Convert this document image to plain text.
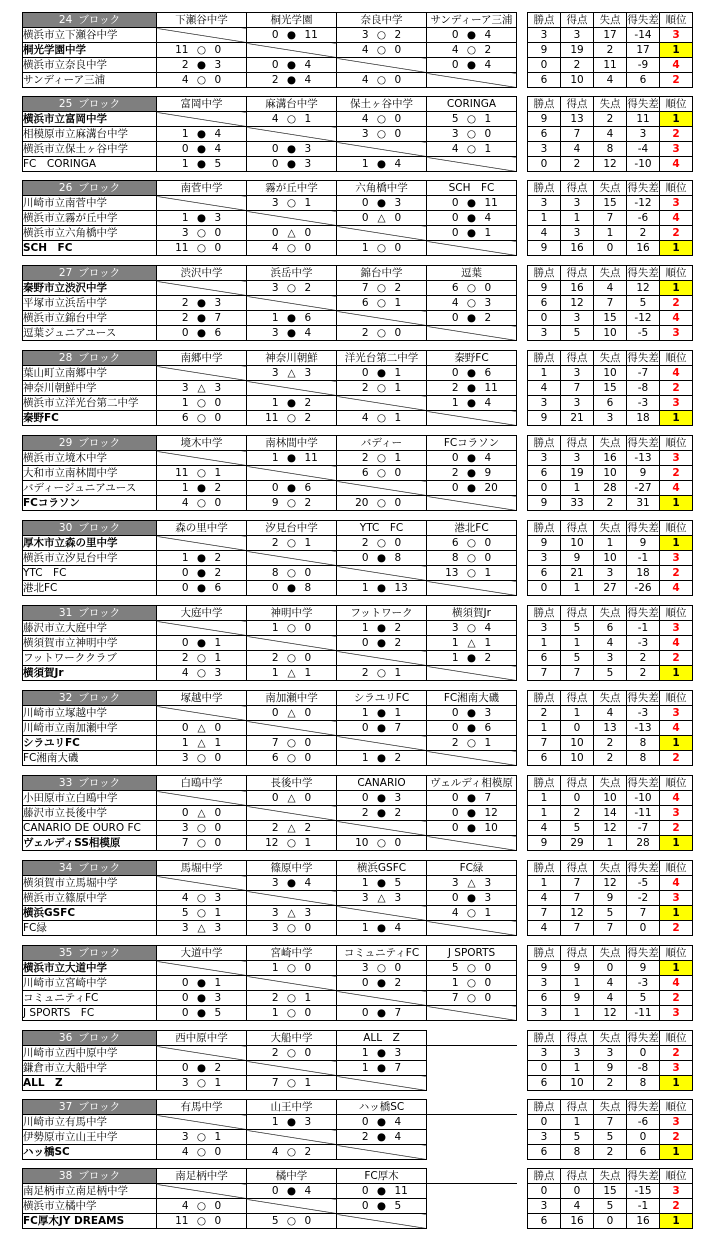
24 ブロック	下瀬谷中学	桐光学園	奈良中学	サンディーア三浦		勝点	得点	失点	得失差	順位
横浜市立下瀬谷中学		0 ● 11	3 ○ 2	0 ● 4		3	3	17	-14	3
桐光学園中学	11 ○ 0		4 ○ 0	4 ○ 2		9	19	2	17	1
横浜市立奈良中学	2 ● 3	0 ● 4		0 ● 4		0	2	11	-9	4
サンディーア三浦	4 ○ 0	2 ● 4	4 ○ 0			6	10	4	6	2
25 ブロック	富岡中学	麻溝台中学	保土ヶ谷中学	CORINGA		勝点	得点	失点	得失差	順位
横浜市立富岡中学		4 ○ 1	4 ○ 0	5 ○ 1		9	13	2	11	1
相模原市立麻溝台中学	1 ● 4		3 ○ 0	3 ○ 0		6	7	4	3	2
横浜市立保土ヶ谷中学	0 ● 4	0 ● 3		4 ○ 1		3	4	8	-4	3
FC　CORINGA	1 ● 5	0 ● 3	1 ● 4			0	2	12	-10	4
26 ブロック	南菅中学	霧が丘中学	六角橋中学	SCH　FC		勝点	得点	失点	得失差	順位
川崎市立南菅中学		3 ○ 1	0 ● 3	0 ● 11		3	3	15	-12	3
横浜市立霧が丘中学	1 ● 3		0 △ 0	0 ● 4		1	1	7	-6	4
横浜市立六角橋中学	3 ○ 0	0 △ 0		0 ● 1		4	3	1	2	2
SCH　FC	11 ○ 0	4 ○ 0	1 ○ 0			9	16	0	16	1
27 ブロック	渋沢中学	浜岳中学	錦台中学	逗葉		勝点	得点	失点	得失差	順位
秦野市立渋沢中学		3 ○ 2	7 ○ 2	6 ○ 0		9	16	4	12	1
平塚市立浜岳中学	2 ● 3		6 ○ 1	4 ○ 3		6	12	7	5	2
横浜市立錦台中学	2 ● 7	1 ● 6		0 ● 2		0	3	15	-12	4
逗葉ジュニアユース	0 ● 6	3 ● 4	2 ○ 0			3	5	10	-5	3
28 ブロック	南郷中学	神奈川朝鮮	洋光台第二中学	秦野FC		勝点	得点	失点	得失差	順位
葉山町立南郷中学		3 △ 3	0 ● 1	0 ● 6		1	3	10	-7	4
神奈川朝鮮中学	3 △ 3		2 ○ 1	2 ● 11		4	7	15	-8	2
横浜市立洋光台第二中学	1 ○ 0	1 ● 2		1 ● 4		3	3	6	-3	3
秦野FC	6 ○ 0	11 ○ 2	4 ○ 1			9	21	3	18	1
29 ブロック	境木中学	南林間中学	バディー	FCコラソン		勝点	得点	失点	得失差	順位
横浜市立境木中学		1 ● 11	2 ○ 1	0 ● 4		3	3	16	-13	3
大和市立南林間中学	11 ○ 1		6 ○ 0	2 ● 9		6	19	10	9	2
バディージュニアユース	1 ● 2	0 ● 6		0 ● 20		0	1	28	-27	4
FCコラソン	4 ○ 0	9 ○ 2	20 ○ 0			9	33	2	31	1
30 ブロック	森の里中学	汐見台中学	YTC　FC	港北FC		勝点	得点	失点	得失差	順位
厚木市立森の里中学		2 ○ 1	2 ○ 0	6 ○ 0		9	10	1	9	1
横浜市立汐見台中学	1 ● 2		0 ● 8	8 ○ 0		3	9	10	-1	3
YTC　FC	0 ● 2	8 ○ 0		13 ○ 1		6	21	3	18	2
港北FC	0 ● 6	0 ● 8	1 ● 13			0	1	27	-26	4
31 ブロック	大庭中学	神明中学	フットワーク	横須賀Jr		勝点	得点	失点	得失差	順位
藤沢市立大庭中学		1 ○ 0	1 ● 2	3 ○ 4		3	5	6	-1	3
横須賀市立神明中学	0 ● 1		0 ● 2	1 △ 1		1	1	4	-3	4
フットワーククラブ	2 ○ 1	2 ○ 0		1 ● 2		6	5	3	2	2
横須賀Jr	4 ○ 3	1 △ 1	2 ○ 1			7	7	5	2	1
32 ブロック	塚越中学	南加瀬中学	シラユリFC	FC湘南大磯		勝点	得点	失点	得失差	順位
川崎市立塚越中学		0 △ 0	1 ● 1	0 ● 3		2	1	4	-3	3
川崎市立南加瀬中学	0 △ 0		0 ● 7	0 ● 6		1	0	13	-13	4
シラユリFC	1 △ 1	7 ○ 0		2 ○ 1		7	10	2	8	1
FC湘南大磯	3 ○ 0	6 ○ 0	1 ● 2			6	10	2	8	2
33 ブロック	白鴎中学	長後中学	CANARIO	ヴェルディ相模原		勝点	得点	失点	得失差	順位
小田原市立白鴎中学		0 △ 0	0 ● 3	0 ● 7		1	0	10	-10	4
藤沢市立長後中学	0 △ 0		2 ● 2	0 ● 12		1	2	14	-11	3
CANARIO DE OURO FC	3 ○ 0	2 △ 2		0 ● 10		4	5	12	-7	2
ヴェルディSS相模原	7 ○ 0	12 ○ 1	10 ○ 0			9	29	1	28	1
34 ブロック	馬堀中学	篠原中学	横浜GSFC	FC緑		勝点	得点	失点	得失差	順位
横須賀市立馬堀中学		3 ● 4	1 ● 5	3 △ 3		1	7	12	-5	4
横浜市立篠原中学	4 ○ 3		3 △ 3	0 ● 3		4	7	9	-2	3
横浜GSFC	5 ○ 1	3 △ 3		4 ○ 1		7	12	5	7	1
FC緑	3 △ 3	3 ○ 0	1 ● 4			4	7	7	0	2
35 ブロック	大道中学	宮崎中学	コミュニティFC	J SPORTS		勝点	得点	失点	得失差	順位
横浜市立大道中学		1 ○ 0	3 ○ 0	5 ○ 0		9	9	0	9	1
川崎市立宮崎中学	0 ● 1		0 ● 2	1 ○ 0		3	1	4	-3	4
コミュニティFC	0 ● 3	2 ○ 1		7 ○ 0		6	9	4	5	2
J SPORTS　FC	0 ● 5	1 ○ 0	0 ● 7			3	1	12	-11	3
36 ブロック	西中原中学	大船中学	ALL　Z			勝点	得点	失点	得失差	順位
川崎市立西中原中学		2 ○ 0	1 ● 3			3	3	3	0	2
鎌倉市立大船中学	0 ● 2		1 ● 7			0	1	9	-8	3
ALL　Z	3 ○ 1	7 ○ 1				6	10	2	8	1
37 ブロック	有馬中学	山王中学	ハッ橋SC			勝点	得点	失点	得失差	順位
川崎市立有馬中学		1 ● 3	0 ● 4			0	1	7	-6	3
伊勢原市立山王中学	3 ○ 1		2 ● 4			3	5	5	0	2
ハッ橋SC	4 ○ 0	4 ○ 2				6	8	2	6	1
38 ブロック	南足柄中学	橘中学	FC厚木			勝点	得点	失点	得失差	順位
南足柄市立南足柄中学		0 ● 4	0 ● 11			0	0	15	-15	3
横浜市立橘中学	4 ○ 0		0 ● 5			3	4	5	-1	2
FC厚木JY DREAMS	11 ○ 0	5 ○ 0				6	16	0	16	1
